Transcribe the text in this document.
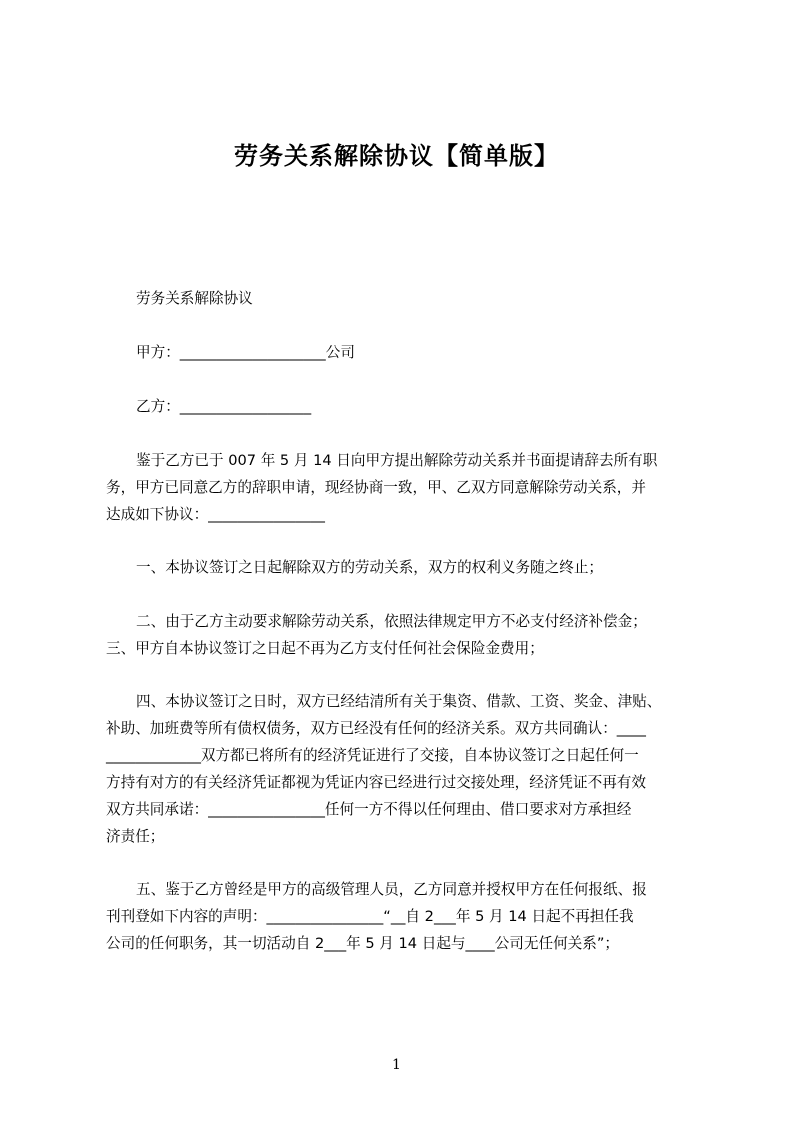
劳务关系解除协议【简单版】
劳务关系解除协议
甲方：____________________公司
乙方：__________________
鉴于乙方已于 007 年 5 月 14 日向甲方提出解除劳动关系并书面提请辞去所有职
务，甲方已同意乙方的辞职申请，现经协商一致，甲、乙双方同意解除劳动关系，并
达成如下协议：________________
一、本协议签订之日起解除双方的劳动关系，双方的权利义务随之终止；
二、由于乙方主动要求解除劳动关系，依照法律规定甲方不必支付经济补偿金；
三、甲方自本协议签订之日起不再为乙方支付任何社会保险金费用；
四、本协议签订之日时，双方已经结清所有关于集资、借款、工资、奖金、津贴、
补助、加班费等所有债权债务，双方已经没有任何的经济关系。双方共同确认：____
_____________双方都已将所有的经济凭证进行了交接，自本协议签订之日起任何一
方持有对方的有关经济凭证都视为凭证内容已经进行过交接处理，经济凭证不再有效
双方共同承诺：________________任何一方不得以任何理由、借口要求对方承担经
济责任；
五、鉴于乙方曾经是甲方的高级管理人员，乙方同意并授权甲方在任何报纸、报
刊刊登如下内容的声明：________________“__自 2___年 5 月 14 日起不再担任我
公司的任何职务，其一切活动自 2___年 5 月 14 日起与____公司无任何关系”；
1
